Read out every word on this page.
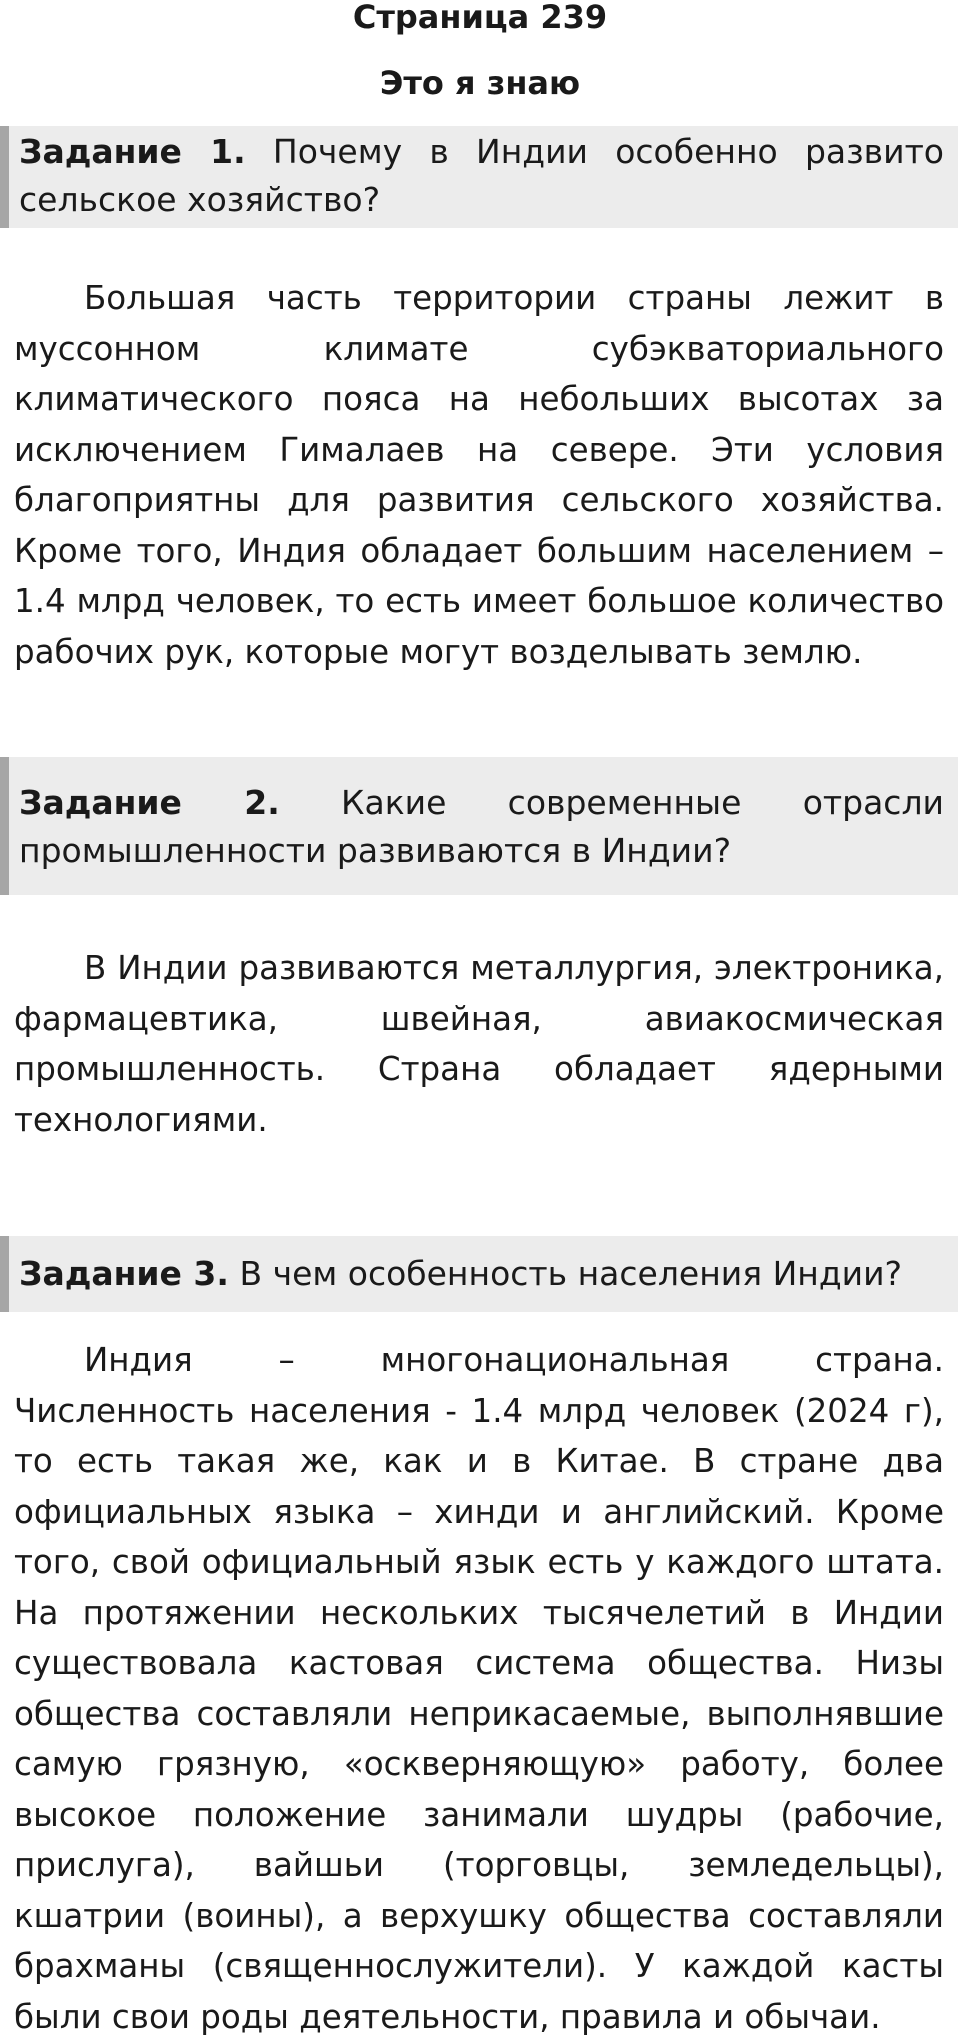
Страница 239
Это я знаю
Задание 1. Почему в Индии особенно развито сельское хозяйство?

Большая часть территории страны лежит в муссонном климате субэкваториального климатического пояса на небольших высотах за исключением Гималаев на севере. Эти условия благоприятны для развития сельского хозяйства. Кроме того, Индия обладает большим населением – 1.4 млрд человек, то есть имеет большое количество рабочих рук, которые могут возделывать землю.

Задание 2. Какие современные отрасли промышленности развиваются в Индии?

В Индии развиваются металлургия, электроника, фармацевтика, швейная, авиакосмическая промышленность. Страна обладает ядерными технологиями.

Задание 3. В чем особенность населения Индии?

Индия – многонациональная страна. Численность населения - 1.4 млрд человек (2024 г), то есть такая же, как и в Китае. В стране два официальных языка – хинди и английский. Кроме того, свой официальный язык есть у каждого штата. На протяжении нескольких тысячелетий в Индии существовала кастовая система общества. Низы общества составляли неприкасаемые, выполнявшие самую грязную, «оскверняющую» работу, более высокое положение занимали шудры (рабочие, прислуга), вайшьи (торговцы, земледельцы), кшатрии (воины), а верхушку общества составляли брахманы (священнослужители). У каждой касты были свои роды деятельности, правила и обычаи.
